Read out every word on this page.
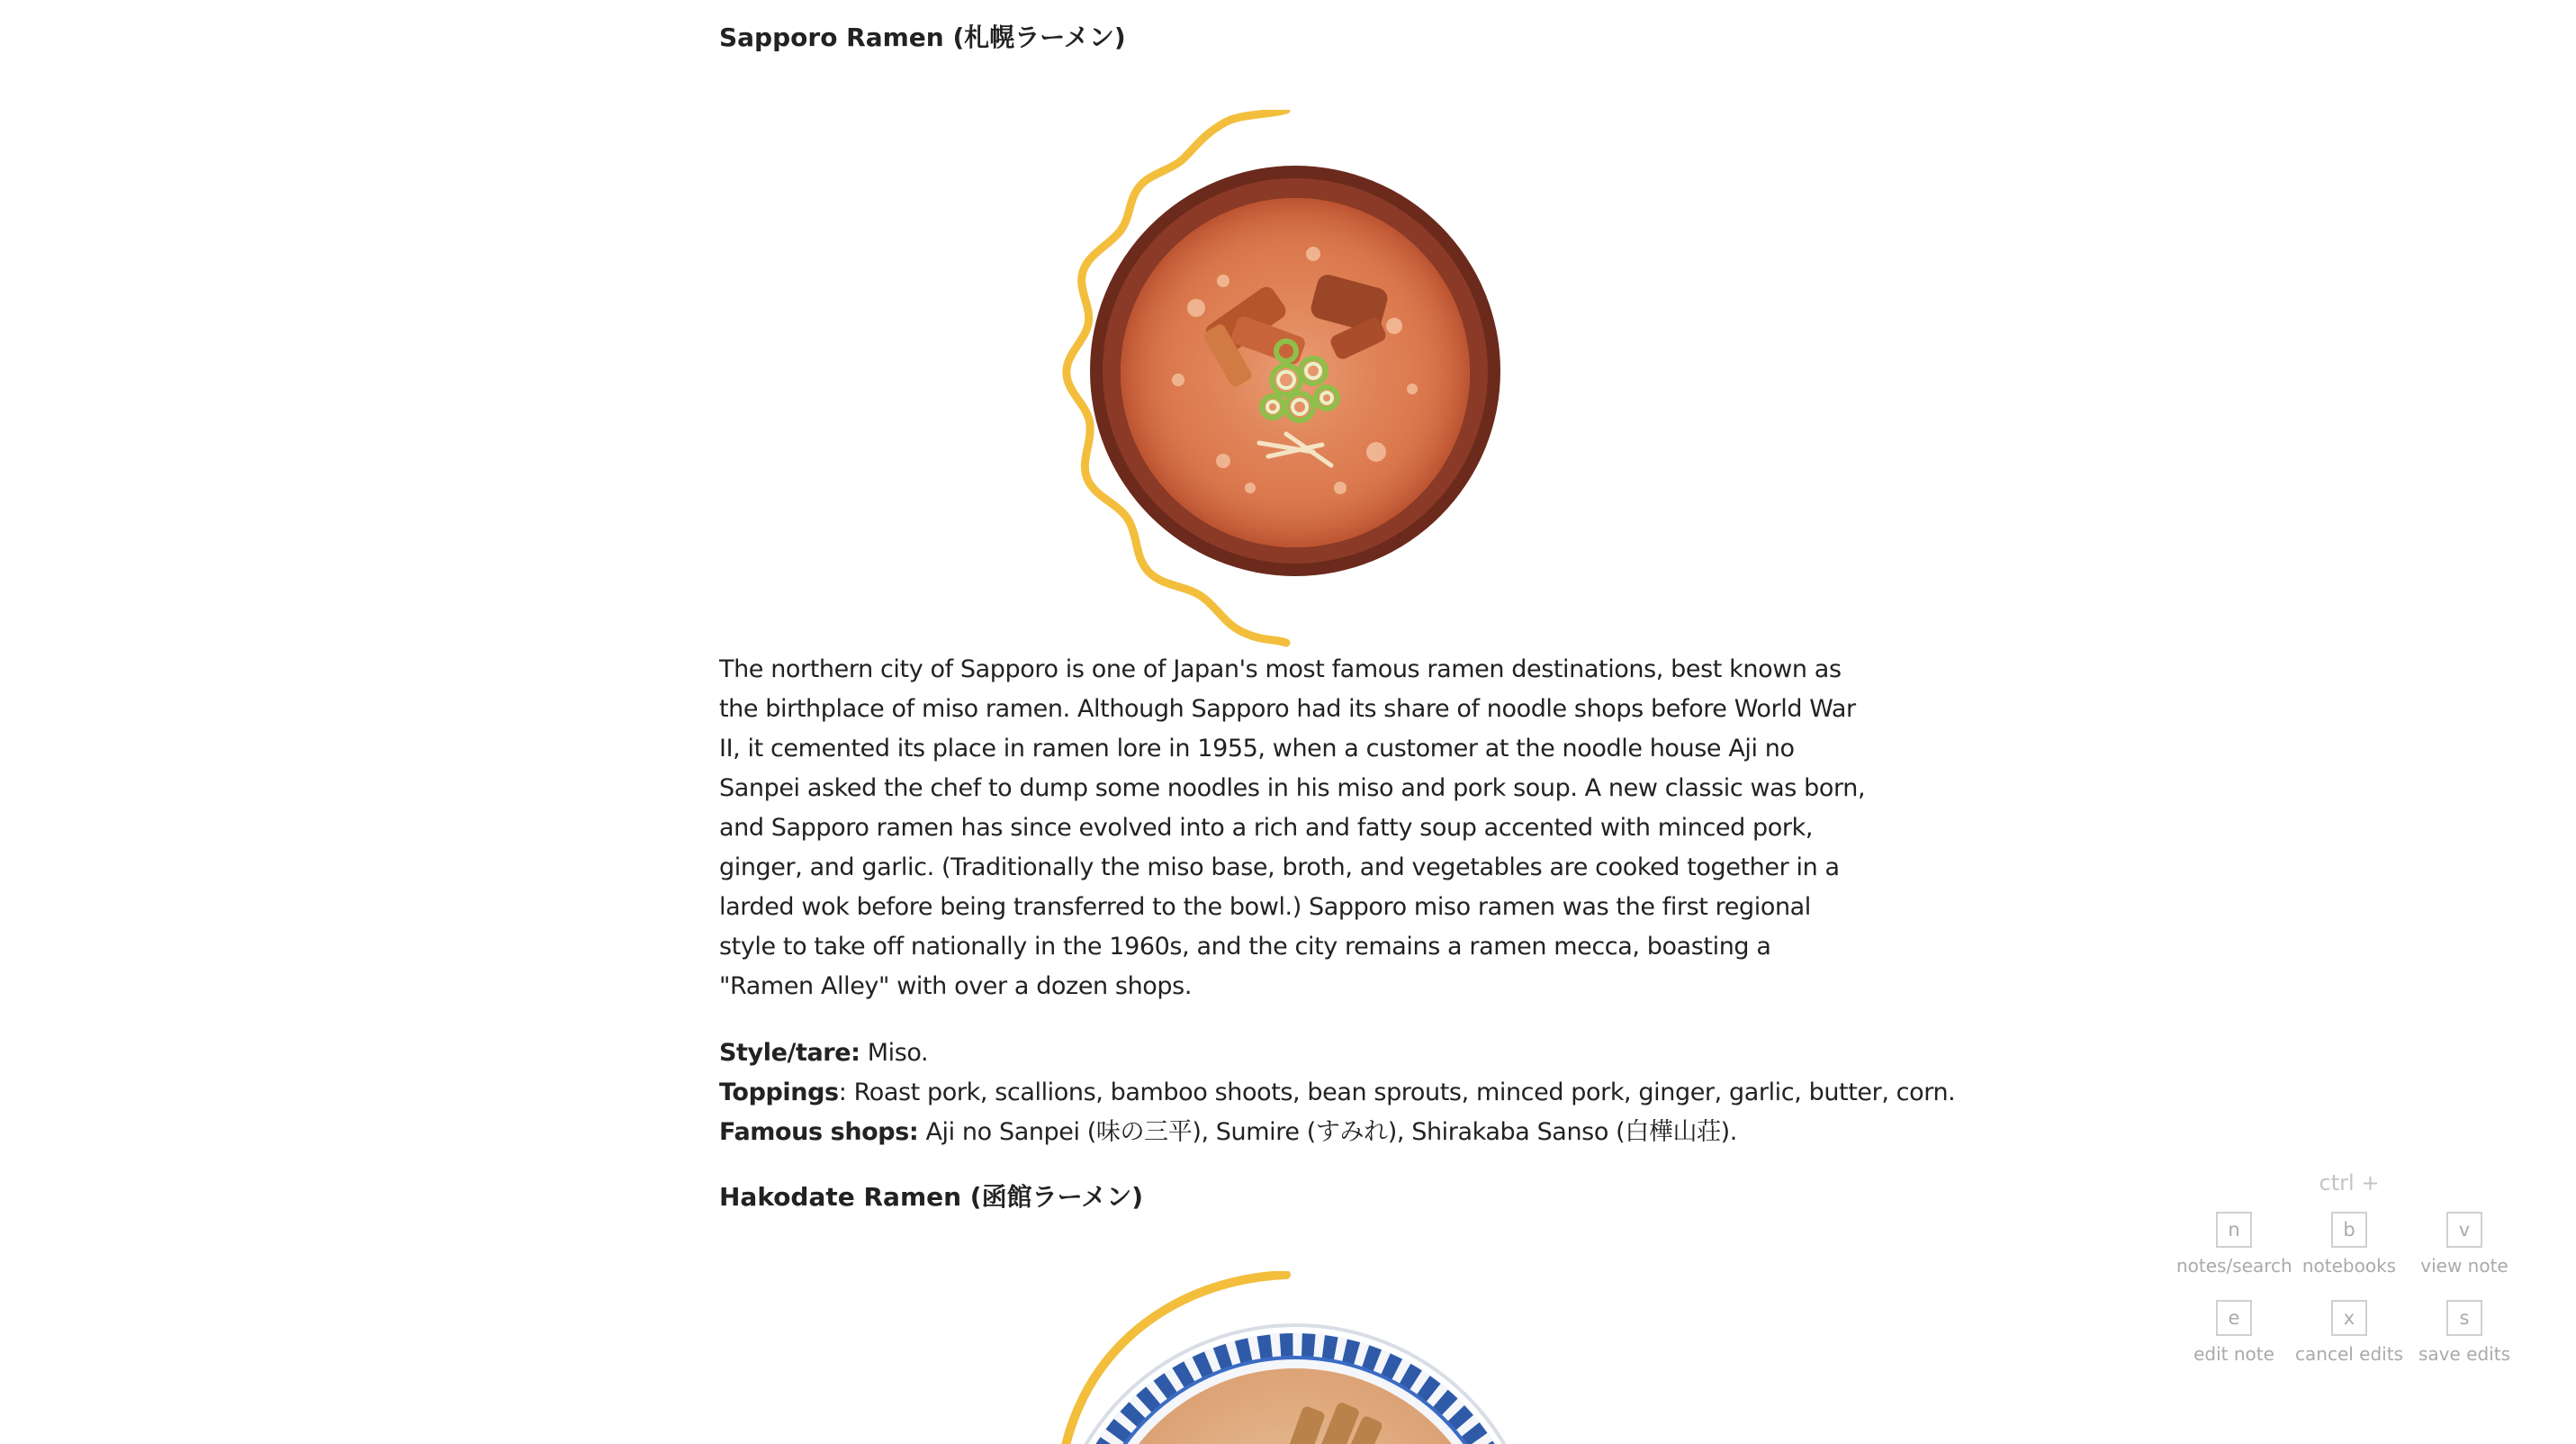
Sapporo Ramen (札幌ラーメン)

The northern city of Sapporo is one of Japan's most famous ramen destinations, best known as the birthplace of miso ramen. Although Sapporo had its share of noodle shops before World War II, it cemented its place in ramen lore in 1955, when a customer at the noodle house Aji no Sanpei asked the chef to dump some noodles in his miso and pork soup. A new classic was born, and Sapporo ramen has since evolved into a rich and fatty soup accented with minced pork, ginger, and garlic. (Traditionally the miso base, broth, and vegetables are cooked together in a larded wok before being transferred to the bowl.) Sapporo miso ramen was the first regional style to take off nationally in the 1960s, and the city remains a ramen mecca, boasting a "Ramen Alley" with over a dozen shops.

Style/tare: Miso.
Toppings: Roast pork, scallions, bamboo shoots, bean sprouts, minced pork, ginger, garlic, butter, corn.
Famous shops: Aji no Sanpei (味の三平), Sumire (すみれ), Shirakaba Sanso (白樺山荘).
Hakodate Ramen (函館ラーメン)	ctrl +
n
notes/search
b
notebooks
v
view note
e
edit note
x
cancel edits
s
save edits
